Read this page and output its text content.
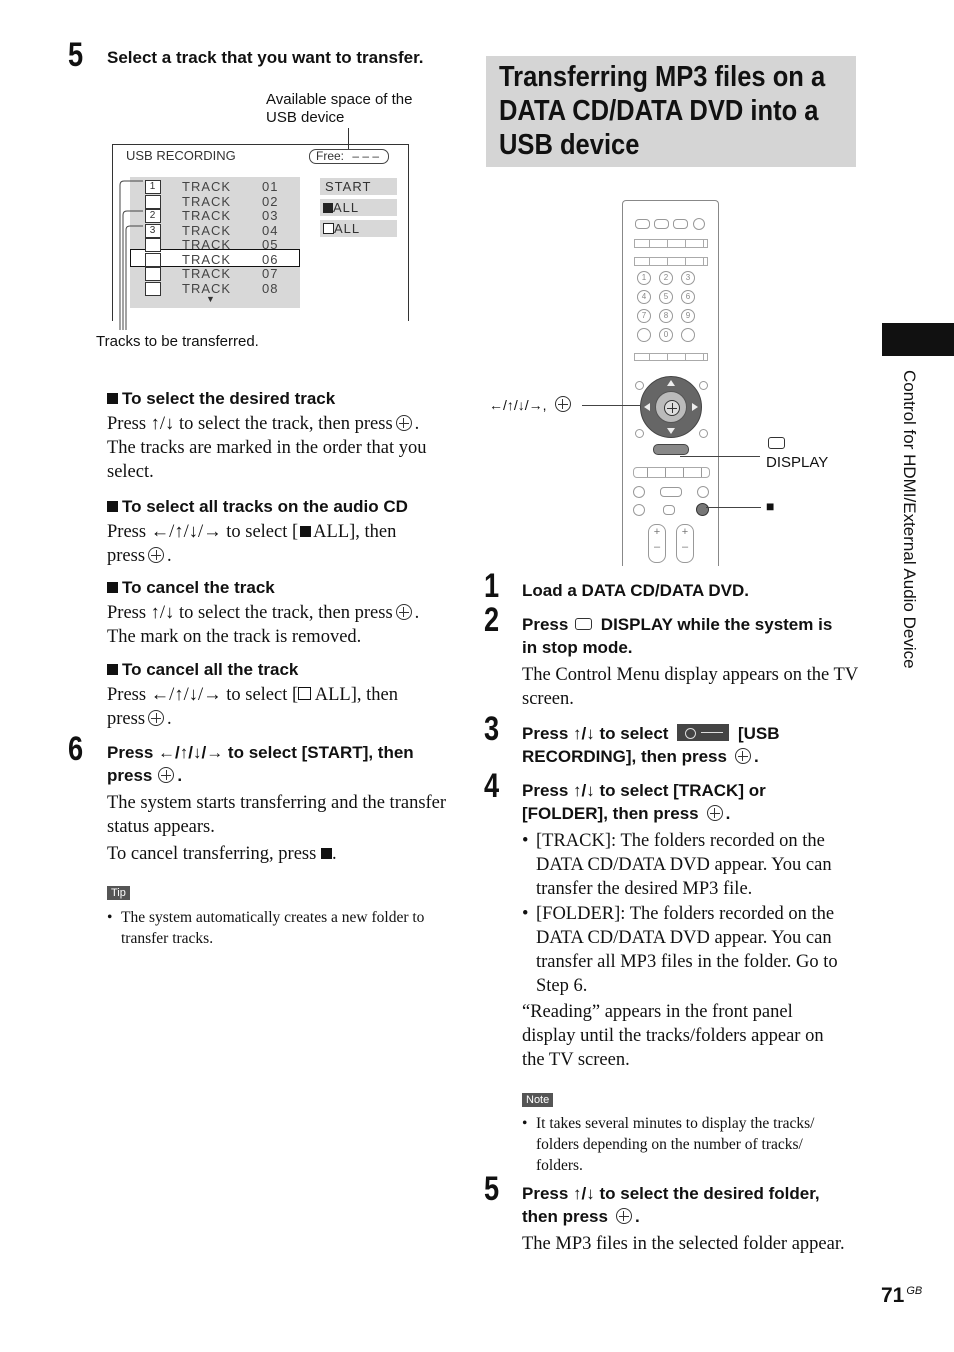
5 Select a track that you want to transfer.
Available space of the USB device
USB RECORDING	Free: – – –
1	TRACK 01
TRACK 02
2	TRACK 03
3	TRACK 04
TRACK 05
TRACK 06
TRACK 07
TRACK 08
▼
START
ALL
ALL
Tracks to be transferred.
To select the desired track
Press ↑/↓ to select the track, then press .
The tracks are marked in the order that you select.
To select all tracks on the audio CD
Press ←/↑/↓/→ to select [ ALL], then
press .
To cancel the track
Press ↑/↓ to select the track, then press .
The mark on the track is removed.
To cancel all the track
Press ←/↑/↓/→ to select [ ALL], then
press .
6 Press ←/↑/↓/→ to select [START], then
press .
The system starts transferring and the transfer status appears.
To cancel transferring, press .
Tip
• The system automatically creates a new folder to transfer tracks.
Transferring MP3 files on a DATA CD/DATA DVD into a USB device
1	2	3
4	5	6
7	8	9
0
+
–
+
–
←/↑/↓/→,

DISPLAY
■
1 Load a DATA CD/DATA DVD.
2 Press DISPLAY while the system is
in stop mode.
The Control Menu display appears on the TV screen.
3 Press ↑/↓ to select	[USB
RECORDING], then press .
4 Press ↑/↓ to select [TRACK] or
[FOLDER], then press .
• [TRACK]: The folders recorded on the DATA CD/DATA DVD appear. You can transfer the desired MP3 file.
• [FOLDER]: The folders recorded on the DATA CD/DATA DVD appear. You can transfer all MP3 files in the folder. Go to Step 6.
“Reading” appears in the front panel display until the tracks/folders appear on the TV screen.
Note
• It takes several minutes to display the tracks/ folders depending on the number of tracks/ folders.
5 Press ↑/↓ to select the desired folder,
then press .
The MP3 files in the selected folder appear.
Control for HDMI/External Audio Device
71 $^{GB}$
